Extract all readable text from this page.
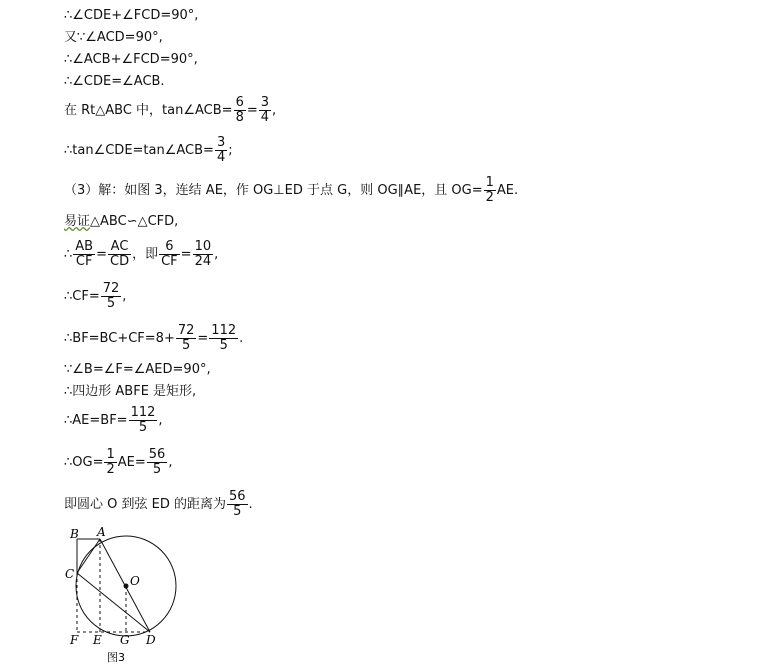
∴∠CDE+∠FCD=90°,
又∵∠ACD=90°,
∴∠ACB+∠FCD=90°,
∴∠CDE=∠ACB.
在 Rt△ABC 中，tan∠ACB= $\frac{6}{8} = \frac{3}{4}$ ,
∴tan∠CDE=tan∠ACB= $\frac{3}{4}$ ;
（3）解：如图 3，连结 AE，作 OG⊥ED 于点 G，则 OG∥AE，且 $OG= \frac{1}{2}$ AE.
易证△ABC∽△CFD,
∴ $\frac{AB}{CF} = \frac{AC}{CD}$ ，即 $\frac{6}{CF} = \frac{10}{24}$ ,
∴CF= $\frac{72}{5}$ ,
∴BF=BC+CF=8+ $\frac{72}{5} = \frac{112}{5}$ .
∵∠B=∠F=∠AED=90°,
∴四边形 ABFE 是矩形,
∴AE=BF= $\frac{112}{5}$ ,
∴OG= $\frac{1}{2} AE= \frac{56}{5}$ ,
即圆心 O 到弦 ED 的距离为 $\frac{56}{5}$ .
B A
C	O
F E G D
图3
